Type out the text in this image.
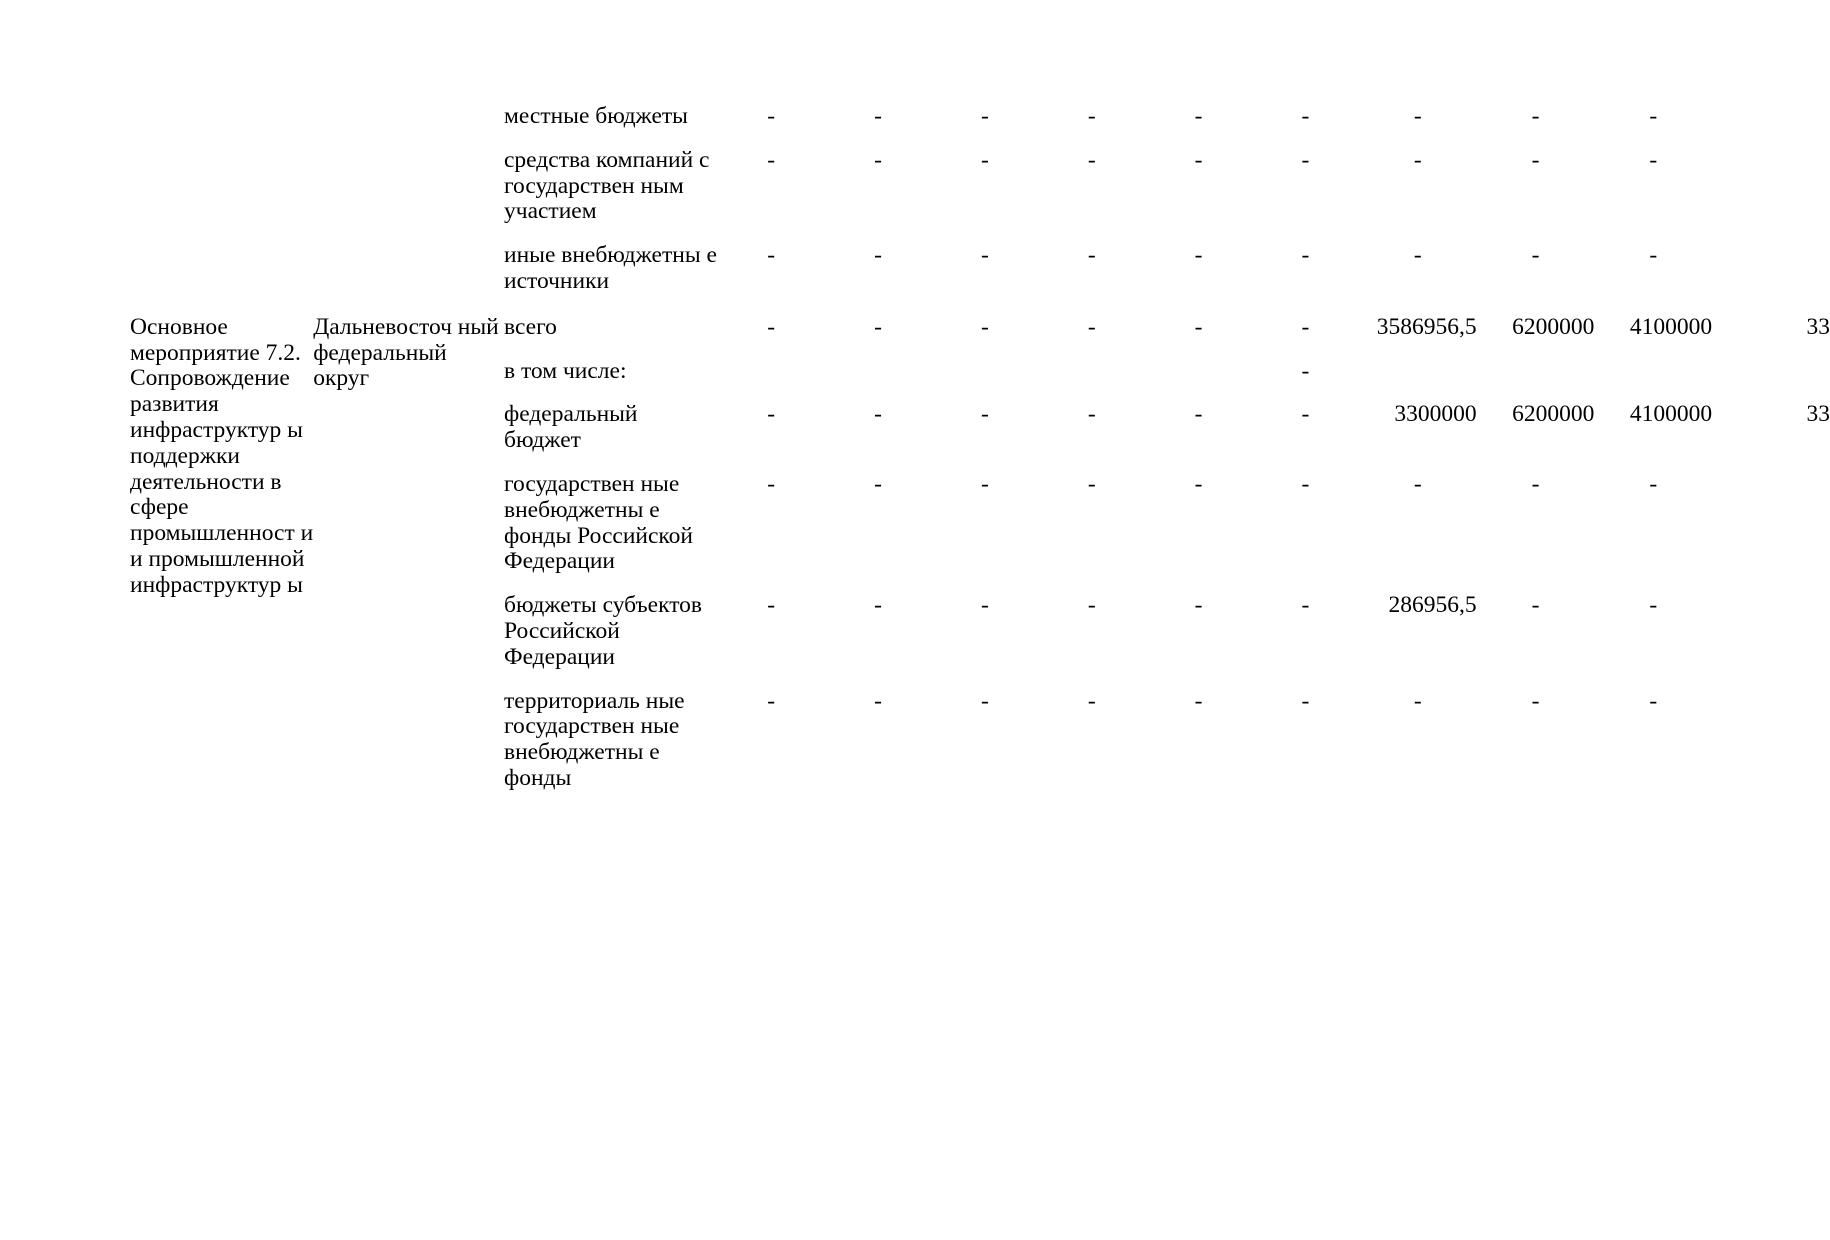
		местные бюджеты	-	-	-	-	-	-	-	-	-	

		средства компаний с государствен ным участием	-	-	-	-	-	-	-	-	-	

		иные внебюджетны е источники	-	-	-	-	-	-	-	-	-	

Основное мероприятие 7.2. Сопровождение развития инфраструктур ы поддержки деятельности в сфере промышленност и и промышленной инфраструктур ы	Дальневосточ ный федеральный округ	всего	-	-	-	-	-	-	3586956,5	6200000	4100000	33

		в том числе:						-				

		федеральный бюджет	-	-	-	-	-	-	3300000	6200000	4100000	33

		государствен ные внебюджетны е фонды Российской Федерации	-	-	-	-	-	-	-	-	-	

		бюджеты субъектов Российской Федерации	-	-	-	-	-	-	286956,5	-	-	

		территориаль ные государствен ные внебюджетны е фонды	-	-	-	-	-	-	-	-	-	
